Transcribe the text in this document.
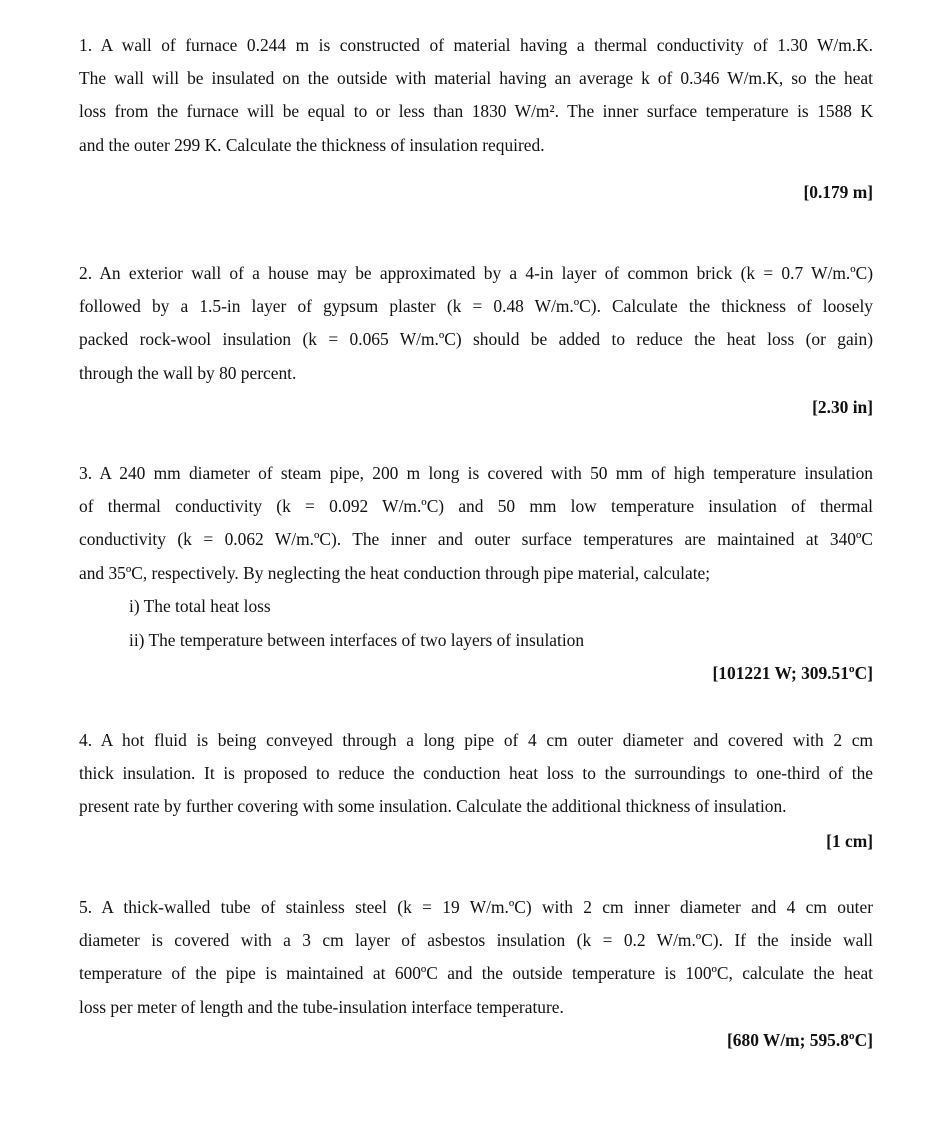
1. A wall of furnace 0.244 m is constructed of material having a thermal conductivity of 1.30 W/m.K.
The wall will be insulated on the outside with material having an average k of 0.346 W/m.K, so the heat
loss from the furnace will be equal to or less than 1830 W/m². The inner surface temperature is 1588 K
and the outer 299 K. Calculate the thickness of insulation required.

[0.179 m]

2. An exterior wall of a house may be approximated by a 4-in layer of common brick (k = 0.7 W/m.ºC)
followed by a 1.5-in layer of gypsum plaster (k = 0.48 W/m.ºC). Calculate the thickness of loosely
packed rock-wool insulation (k = 0.065 W/m.ºC) should be added to reduce the heat loss (or gain)
through the wall by 80 percent.

[2.30 in]

3. A 240 mm diameter of steam pipe, 200 m long is covered with 50 mm of high temperature insulation
of thermal conductivity (k = 0.092 W/m.ºC) and 50 mm low temperature insulation of thermal
conductivity (k = 0.062 W/m.ºC). The inner and outer surface temperatures are maintained at 340ºC
and 35ºC, respectively. By neglecting the heat conduction through pipe material, calculate;

i) The total heat loss

ii) The temperature between interfaces of two layers of insulation

[101221 W; 309.51ºC]

4. A hot fluid is being conveyed through a long pipe of 4 cm outer diameter and covered with 2 cm
thick insulation. It is proposed to reduce the conduction heat loss to the surroundings to one-third of the
present rate by further covering with some insulation. Calculate the additional thickness of insulation.

[1 cm]

5. A thick-walled tube of stainless steel (k = 19 W/m.ºC) with 2 cm inner diameter and 4 cm outer
diameter is covered with a 3 cm layer of asbestos insulation (k = 0.2 W/m.ºC). If the inside wall
temperature of the pipe is maintained at 600ºC and the outside temperature is 100ºC, calculate the heat
loss per meter of length and the tube-insulation interface temperature.

[680 W/m; 595.8ºC]
